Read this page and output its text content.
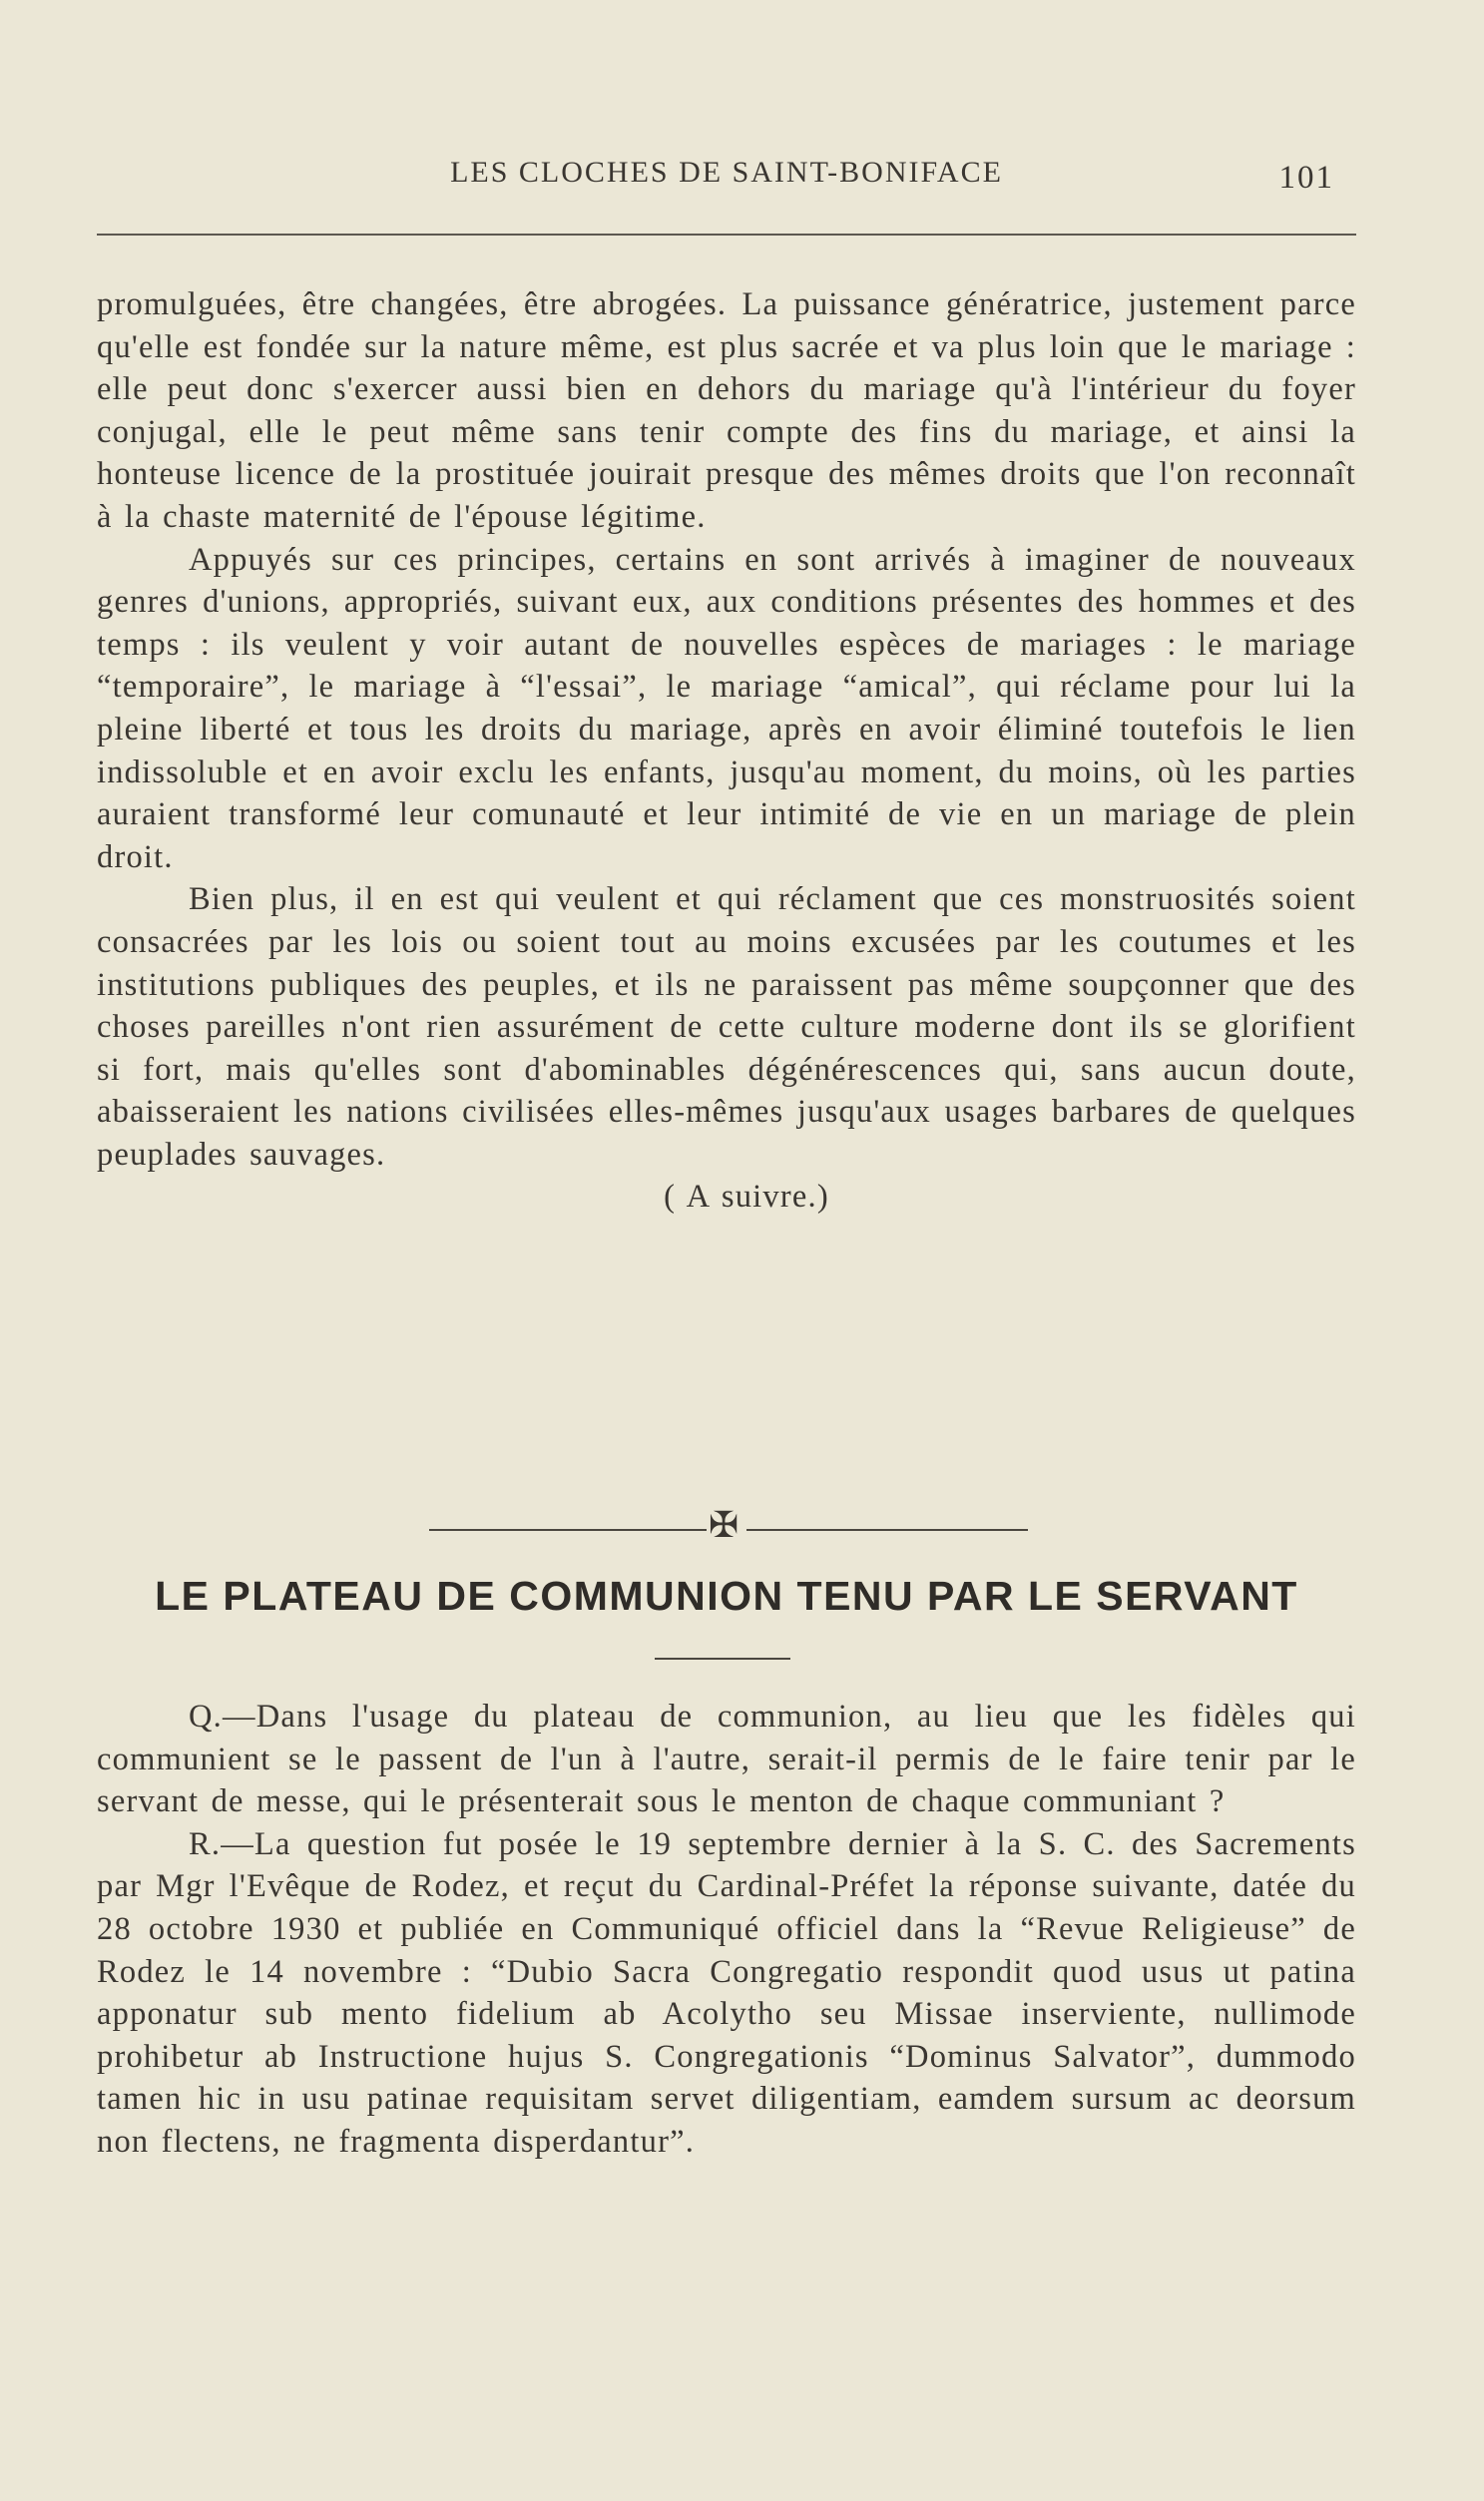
LES CLOCHES DE SAINT-BONIFACE	101

promulguées, être changées, être abrogées. La puissance génératrice, justement parce qu'elle est fondée sur la nature même, est plus sacrée et va plus loin que le mariage : elle peut donc s'exercer aussi bien en dehors du mariage qu'à l'intérieur du foyer conjugal, elle le peut même sans tenir compte des fins du mariage, et ainsi la honteuse licence de la prostituée jouirait presque des mêmes droits que l'on reconnaît à la chaste maternité de l'épouse légitime.

Appuyés sur ces principes, certains en sont arrivés à imaginer de nouveaux genres d'unions, appropriés, suivant eux, aux conditions présentes des hommes et des temps : ils veulent y voir autant de nouvelles espèces de mariages : le mariage “temporaire”, le mariage à “l'essai”, le mariage “amical”, qui réclame pour lui la pleine liberté et tous les droits du mariage, après en avoir éliminé toutefois le lien indissoluble et en avoir exclu les enfants, jusqu'au moment, du moins, où les parties auraient transformé leur comunauté et leur intimité de vie en un mariage de plein droit.

Bien plus, il en est qui veulent et qui réclament que ces monstruosités soient consacrées par les lois ou soient tout au moins excusées par les coutumes et les institutions publiques des peuples, et ils ne paraissent pas même soupçonner que des choses pareilles n'ont rien assurément de cette culture moderne dont ils se glorifient si fort, mais qu'elles sont d'abominables dégénérescences qui, sans aucun doute, abaisseraient les nations civilisées elles-mêmes jusqu'aux usages barbares de quelques peuplades sauvages.

( A suivre.)

✠
LE PLATEAU DE COMMUNION TENU PAR LE SERVANT

Q.—Dans l'usage du plateau de communion, au lieu que les fidèles qui communient se le passent de l'un à l'autre, serait-il permis de le faire tenir par le servant de messe, qui le présenterait sous le menton de chaque communiant ?

R.—La question fut posée le 19 septembre dernier à la S. C. des Sacrements par Mgr l'Evêque de Rodez, et reçut du Cardinal-Préfet la réponse suivante, datée du 28 octobre 1930 et publiée en Communiqué officiel dans la “Revue Religieuse” de Rodez le 14 novembre : “Dubio Sacra Congregatio respondit quod usus ut patina apponatur sub mento fidelium ab Acolytho seu Missae inserviente, nullimode prohibetur ab Instructione hujus S. Congregationis “Dominus Salvator”, dummodo tamen hic in usu patinae requisitam servet diligentiam, eamdem sursum ac deorsum non flectens, ne fragmenta disperdantur”.
